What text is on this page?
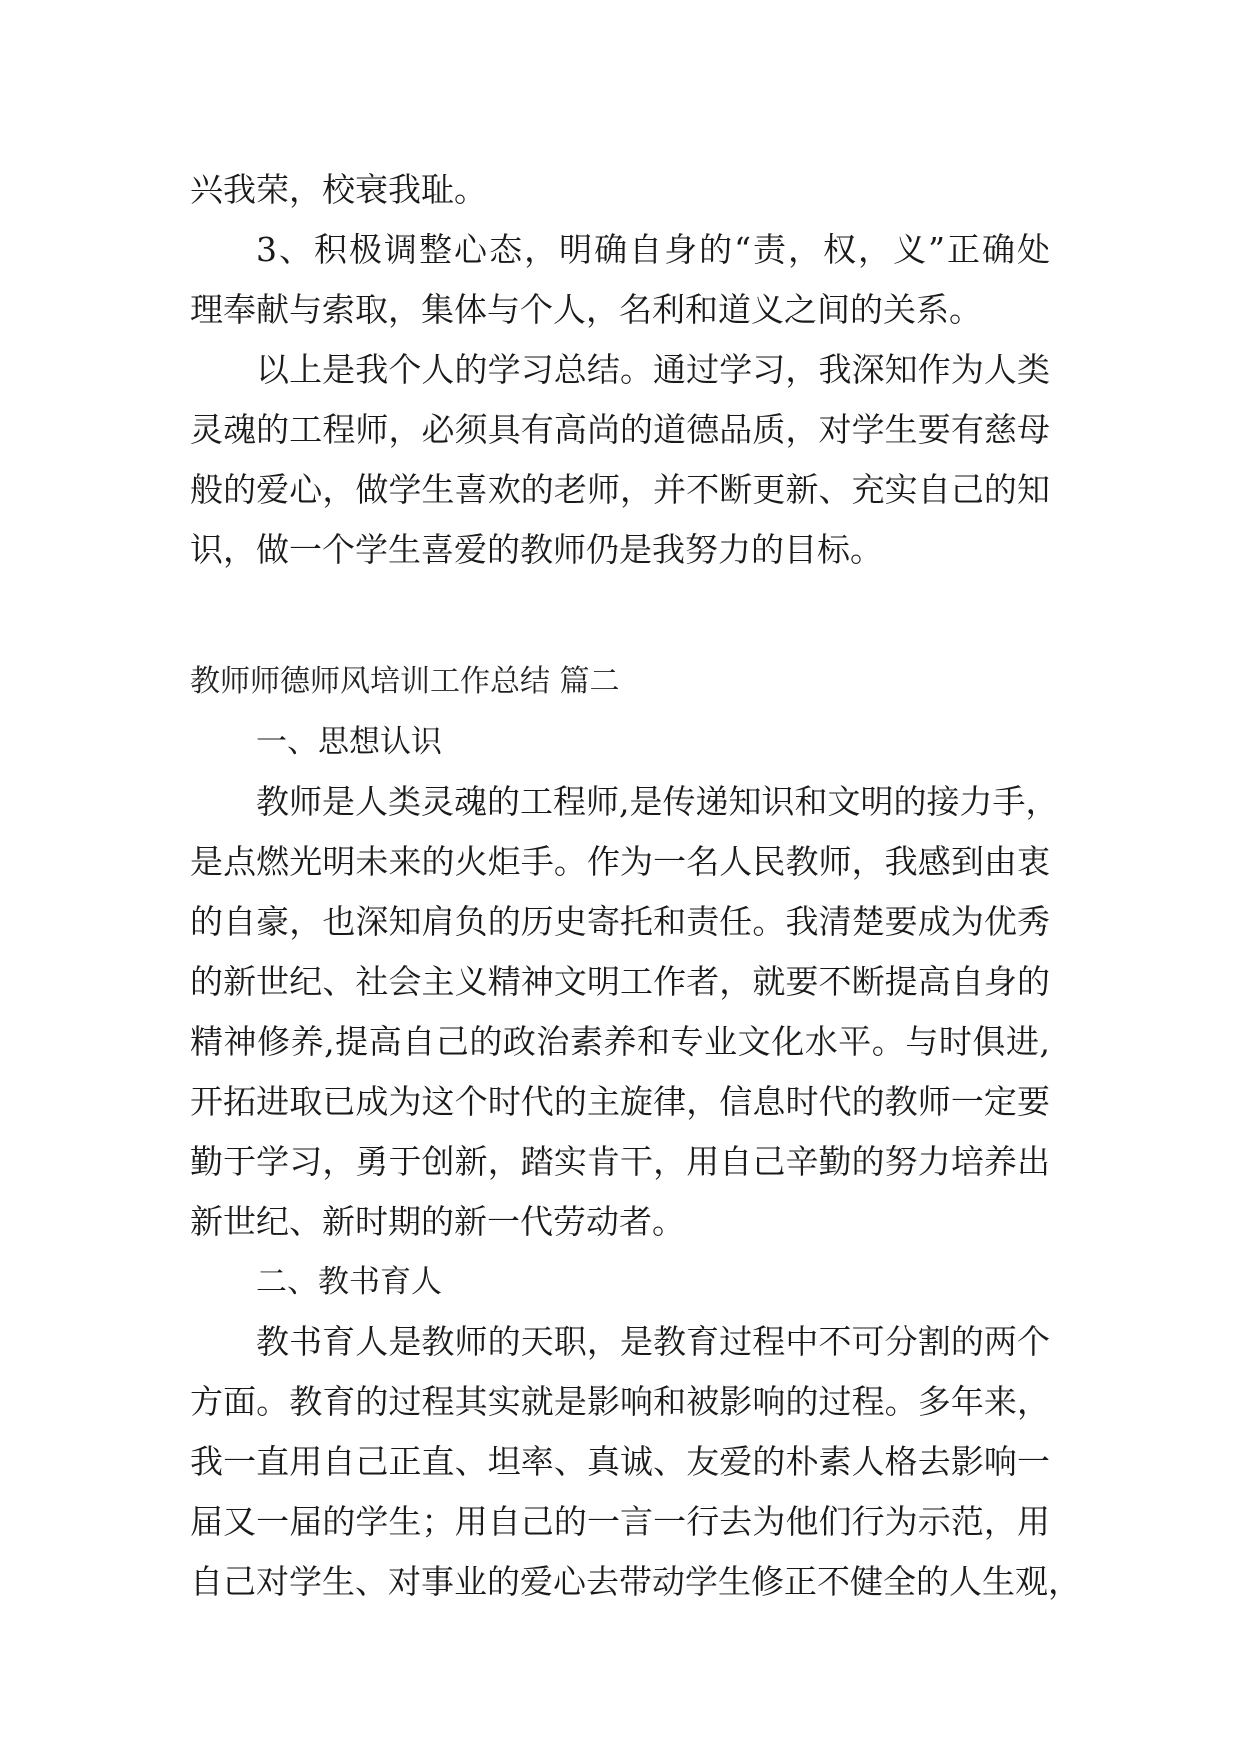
兴我荣，校衰我耻。
3、积极调整心态，明确自身的“责，权，义”正确处
理奉献与索取，集体与个人，名利和道义之间的关系。
以上是我个人的学习总结。通过学习，我深知作为人类
灵魂的工程师，必须具有高尚的道德品质，对学生要有慈母
般的爱心，做学生喜欢的老师，并不断更新、充实自己的知
识，做一个学生喜爱的教师仍是我努力的目标。
教师师德师风培训工作总结 篇二
一、思想认识
教师是人类灵魂的工程师,是传递知识和文明的接力手，
是点燃光明未来的火炬手。作为一名人民教师，我感到由衷
的自豪，也深知肩负的历史寄托和责任。我清楚要成为优秀
的新世纪、社会主义精神文明工作者，就要不断提高自身的
精神修养,提高自己的政治素养和专业文化水平。与时俱进,
开拓进取已成为这个时代的主旋律，信息时代的教师一定要
勤于学习，勇于创新，踏实肯干，用自己辛勤的努力培养出
新世纪、新时期的新一代劳动者。
二、教书育人
教书育人是教师的天职，是教育过程中不可分割的两个
方面。教育的过程其实就是影响和被影响的过程。多年来，
我一直用自己正直、坦率、真诚、友爱的朴素人格去影响一
届又一届的学生；用自己的一言一行去为他们行为示范，用
自己对学生、对事业的爱心去带动学生修正不健全的人生观，
